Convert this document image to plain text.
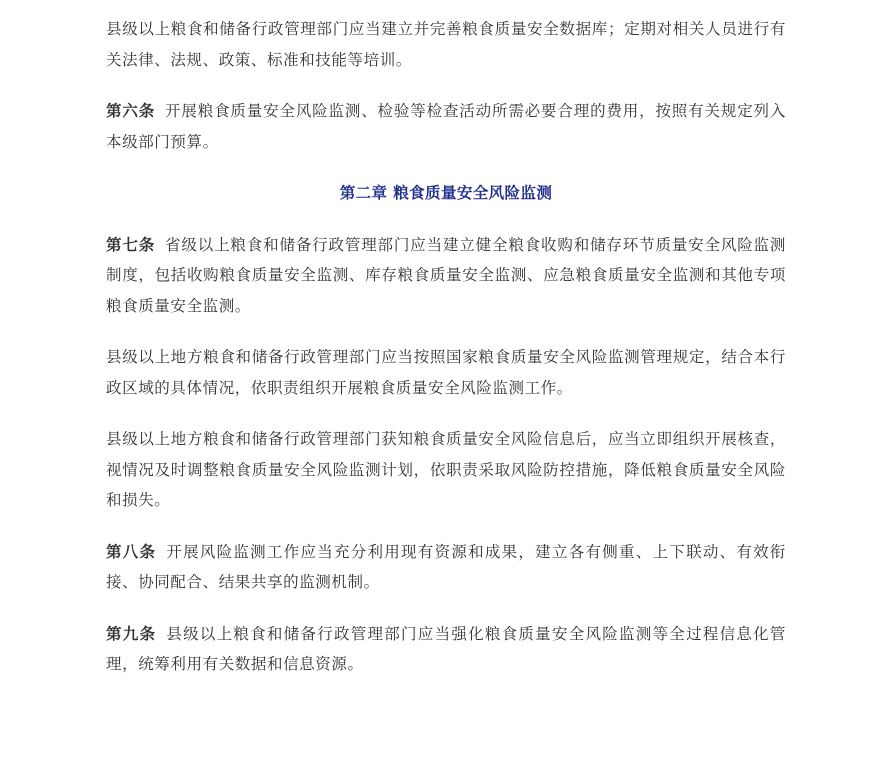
县级以上粮食和储备行政管理部门应当建立并完善粮食质量安全数据库；定期对相关人员进行有关法律、法规、政策、标准和技能等培训。

第六条 开展粮食质量安全风险监测、检验等检查活动所需必要合理的费用，按照有关规定列入本级部门预算。

第二章 粮食质量安全风险监测

第七条 省级以上粮食和储备行政管理部门应当建立健全粮食收购和储存环节质量安全风险监测制度，包括收购粮食质量安全监测、库存粮食质量安全监测、应急粮食质量安全监测和其他专项粮食质量安全监测。

县级以上地方粮食和储备行政管理部门应当按照国家粮食质量安全风险监测管理规定，结合本行政区域的具体情况，依职责组织开展粮食质量安全风险监测工作。

县级以上地方粮食和储备行政管理部门获知粮食质量安全风险信息后，应当立即组织开展核查，视情况及时调整粮食质量安全风险监测计划，依职责采取风险防控措施，降低粮食质量安全风险和损失。

第八条 开展风险监测工作应当充分利用现有资源和成果，建立各有侧重、上下联动、有效衔接、协同配合、结果共享的监测机制。

第九条 县级以上粮食和储备行政管理部门应当强化粮食质量安全风险监测等全过程信息化管理，统筹利用有关数据和信息资源。
